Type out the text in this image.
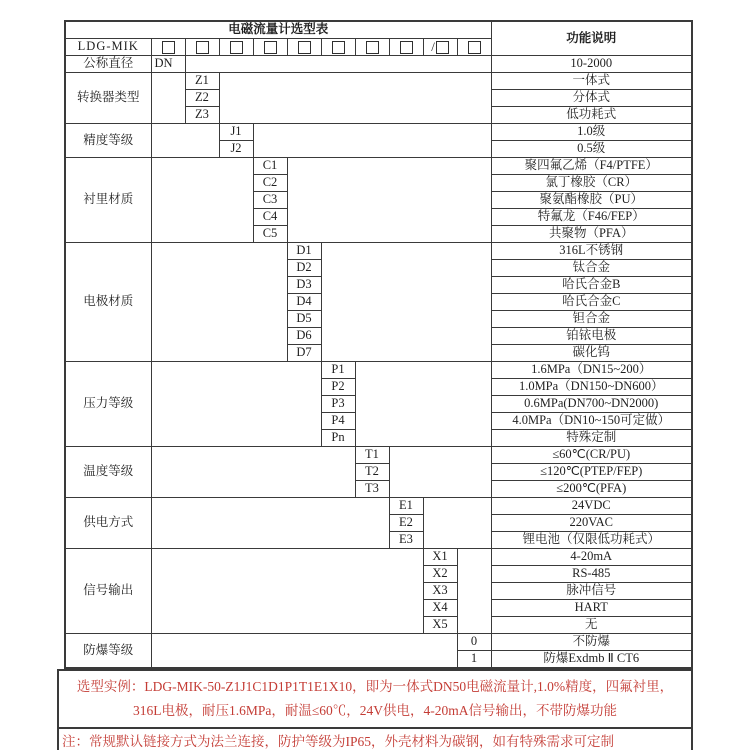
电磁流量计选型表											功能说明
LDG-MIK									/		
公称直径	DN										10-2000
转换器类型		Z1									一体式
		Z2									分体式
		Z3									低功耗式
精度等级			J1								1.0级
			J2								0.5级
衬里材质				C1							聚四氟乙烯（F4/PTFE）
				C2							氯丁橡胶（CR）
				C3							聚氨酯橡胶（PU）
				C4							特氟龙（F46/FEP）
				C5							共聚物（PFA）
电极材质					D1						316L不锈钢
					D2						钛合金
					D3						哈氏合金B
					D4						哈氏合金C
					D5						钽合金
					D6						铂铱电极
					D7						碳化钨
压力等级						P1					1.6MPa（DN15~200）
						P2					1.0MPa（DN150~DN600）
						P3					0.6MPa(DN700~DN2000)
						P4					4.0MPa（DN10~150可定做）
						Pn					特殊定制
温度等级							T1				≤60℃(CR/PU)
							T2				≤120℃(PTEP/FEP)
							T3				≤200℃(PFA)
供电方式								E1			24VDC
								E2			220VAC
								E3			锂电池（仅限低功耗式）
信号输出									X1		4-20mA
									X2		RS-485
									X3		脉冲信号
									X4		HART
									X5		无
防爆等级										0	不防爆
										1	防爆Exdmb Ⅱ CT6
选型实例：LDG-MIK-50-Z1J1C1D1P1T1E1X10，即为一体式DN50电磁流量计,1.0%精度，四氟衬里，316L电极，耐压1.6MPa，耐温≤60℃，24V供电，4-20mA信号输出，不带防爆功能
注：常规默认链接方式为法兰连接，防护等级为IP65，外壳材料为碳钢，如有特殊需求可定制
